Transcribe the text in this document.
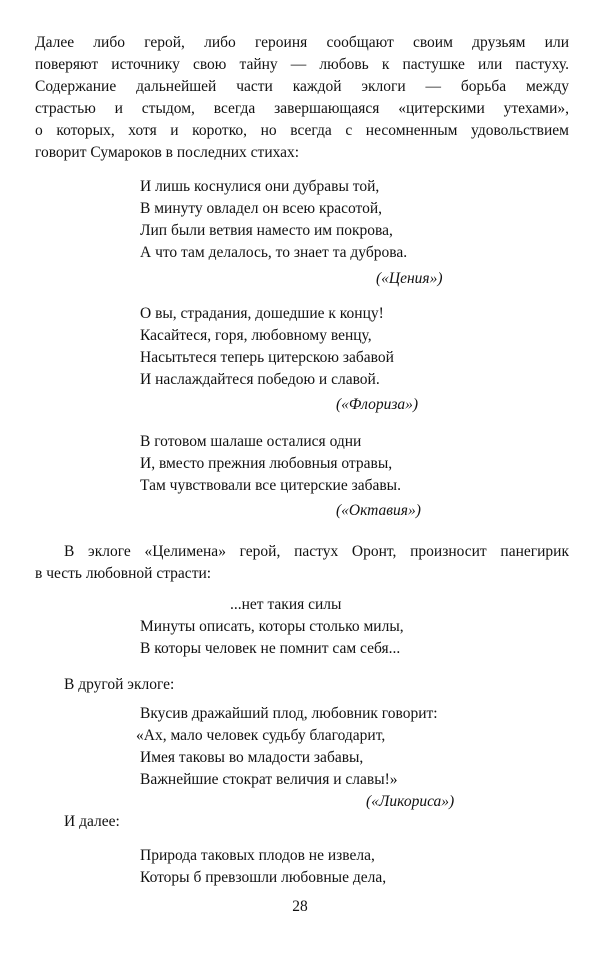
Далее либо герой, либо героиня сообщают своим друзьям или
поверяют источнику свою тайну — любовь к пастушке или пастуху.
Содержание дальнейшей части каждой эклоги — борьба между
страстью и стыдом, всегда завершающаяся «цитерскими утехами»,
о которых, хотя и коротко, но всегда с несомненным удовольствием
говорит Сумароков в последних стихах:
И лишь коснулися они дубравы той,
В минуту овладел он всею красотой,
Лип были ветвия наместо им покрова,
А что там делалось, то знает та дуброва.
(«Цения»)
О вы, страдания, дошедшие к концу!
Касайтеся, горя, любовному венцу,
Насытьтеся теперь цитерскою забавой
И наслаждайтеся победою и славой.
(«Флориза»)
В готовом шалаше осталися одни
И, вместо прежния любовныя отравы,
Там чувствовали все цитерские забавы.
(«Октавия»)
В эклоге «Целимена» герой, пастух Оронт, произносит панегирик
в честь любовной страсти:
...нет такия силы
Минуты описать, которы столько милы,
В которы человек не помнит сам себя...
В другой эклоге:
Вкусив дражайший плод, любовник говорит:
«Ах, мало человек судьбу благодарит,
Имея таковы во младости забавы,
Важнейшие стократ величия и славы!»
(«Ликориса»)
И далее:
Природа таковых плодов не извела,
Которы б превзошли любовные дела,
28
